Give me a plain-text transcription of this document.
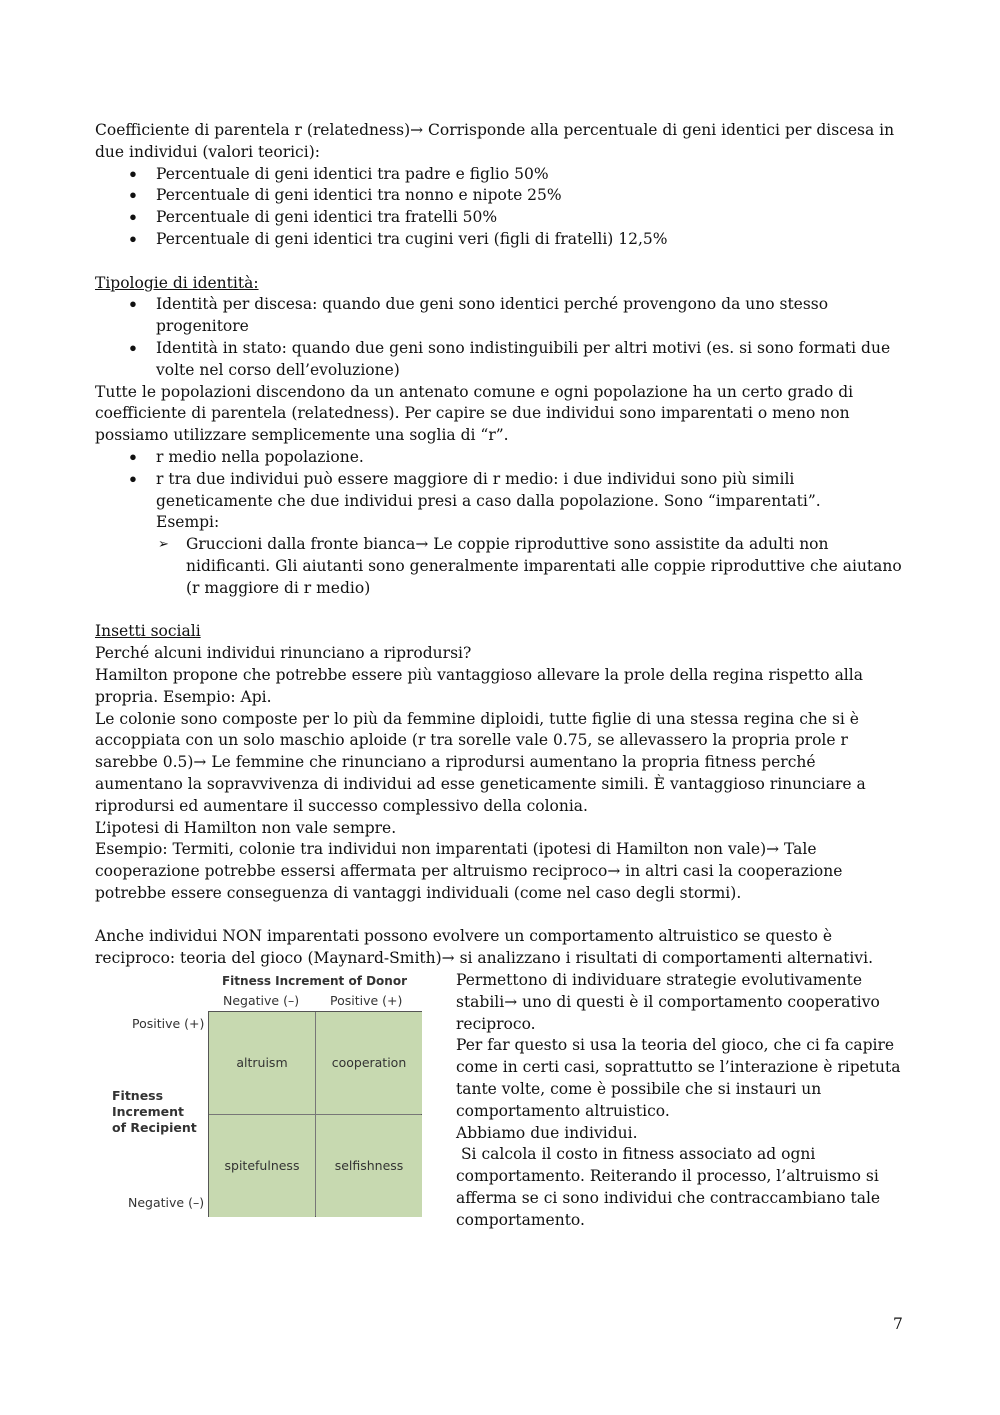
Coefficiente di parentela r (relatedness)→ Corrisponde alla percentuale di geni identici per discesa in due individui (valori teorici):

• Percentuale di geni identici tra padre e figlio 50%
• Percentuale di geni identici tra nonno e nipote 25%
• Percentuale di geni identici tra fratelli 50%
• Percentuale di geni identici tra cugini veri (figli di fratelli) 12,5%

Tipologie di identità:

• Identità per discesa: quando due geni sono identici perché provengono da uno stesso progenitore
• Identità in stato: quando due geni sono indistinguibili per altri motivi (es. si sono formati due volte nel corso dell’evoluzione)

Tutte le popolazioni discendono da un antenato comune e ogni popolazione ha un certo grado di coefficiente di parentela (relatedness). Per capire se due individui sono imparentati o meno non possiamo utilizzare semplicemente una soglia di “r”.

• r medio nella popolazione.
• r tra due individui può essere maggiore di r medio: i due individui sono più simili geneticamente che due individui presi a caso dalla popolazione. Sono “imparentati”.
Esempi:
➢ Gruccioni dalla fronte bianca→ Le coppie riproduttive sono assistite da adulti non nidificanti. Gli aiutanti sono generalmente imparentati alle coppie riproduttive che aiutano (r maggiore di r medio)

Insetti sociali

Perché alcuni individui rinunciano a riprodursi?

Hamilton propone che potrebbe essere più vantaggioso allevare la prole della regina rispetto alla propria. Esempio: Api.

Le colonie sono composte per lo più da femmine diploidi, tutte figlie di una stessa regina che si è accoppiata con un solo maschio aploide (r tra sorelle vale 0.75, se allevassero la propria prole r sarebbe 0.5)→ Le femmine che rinunciano a riprodursi aumentano la propria fitness perché aumentano la sopravvivenza di individui ad esse geneticamente simili. È vantaggioso rinunciare a riprodursi ed aumentare il successo complessivo della colonia.

L’ipotesi di Hamilton non vale sempre.

Esempio: Termiti, colonie tra individui non imparentati (ipotesi di Hamilton non vale)→ Tale cooperazione potrebbe essersi affermata per altruismo reciproco→ in altri casi la cooperazione potrebbe essere conseguenza di vantaggi individuali (come nel caso degli stormi).

Anche individui NON imparentati possono evolvere un comportamento altruistico se questo è reciproco: teoria del gioco (Maynard-Smith)→ si analizzano i risultati di comportamenti alternativi.

Fitness Increment of Donor
Negative (–) Positive (+)
Positive (+)
Fitness
Increment
of Recipient
Negative (–)
altruism	cooperation
spitefulness	selfishness

Permettono di individuare strategie evolutivamente stabili→ uno di questi è il comportamento cooperativo reciproco.

Per far questo si usa la teoria del gioco, che ci fa capire come in certi casi, soprattutto se l’interazione è ripetuta tante volte, come è possibile che si instauri un comportamento altruistico.

Abbiamo due individui.

Si calcola il costo in fitness associato ad ogni comportamento. Reiterando il processo, l’altruismo si afferma se ci sono individui che contraccambiano tale comportamento.

7
